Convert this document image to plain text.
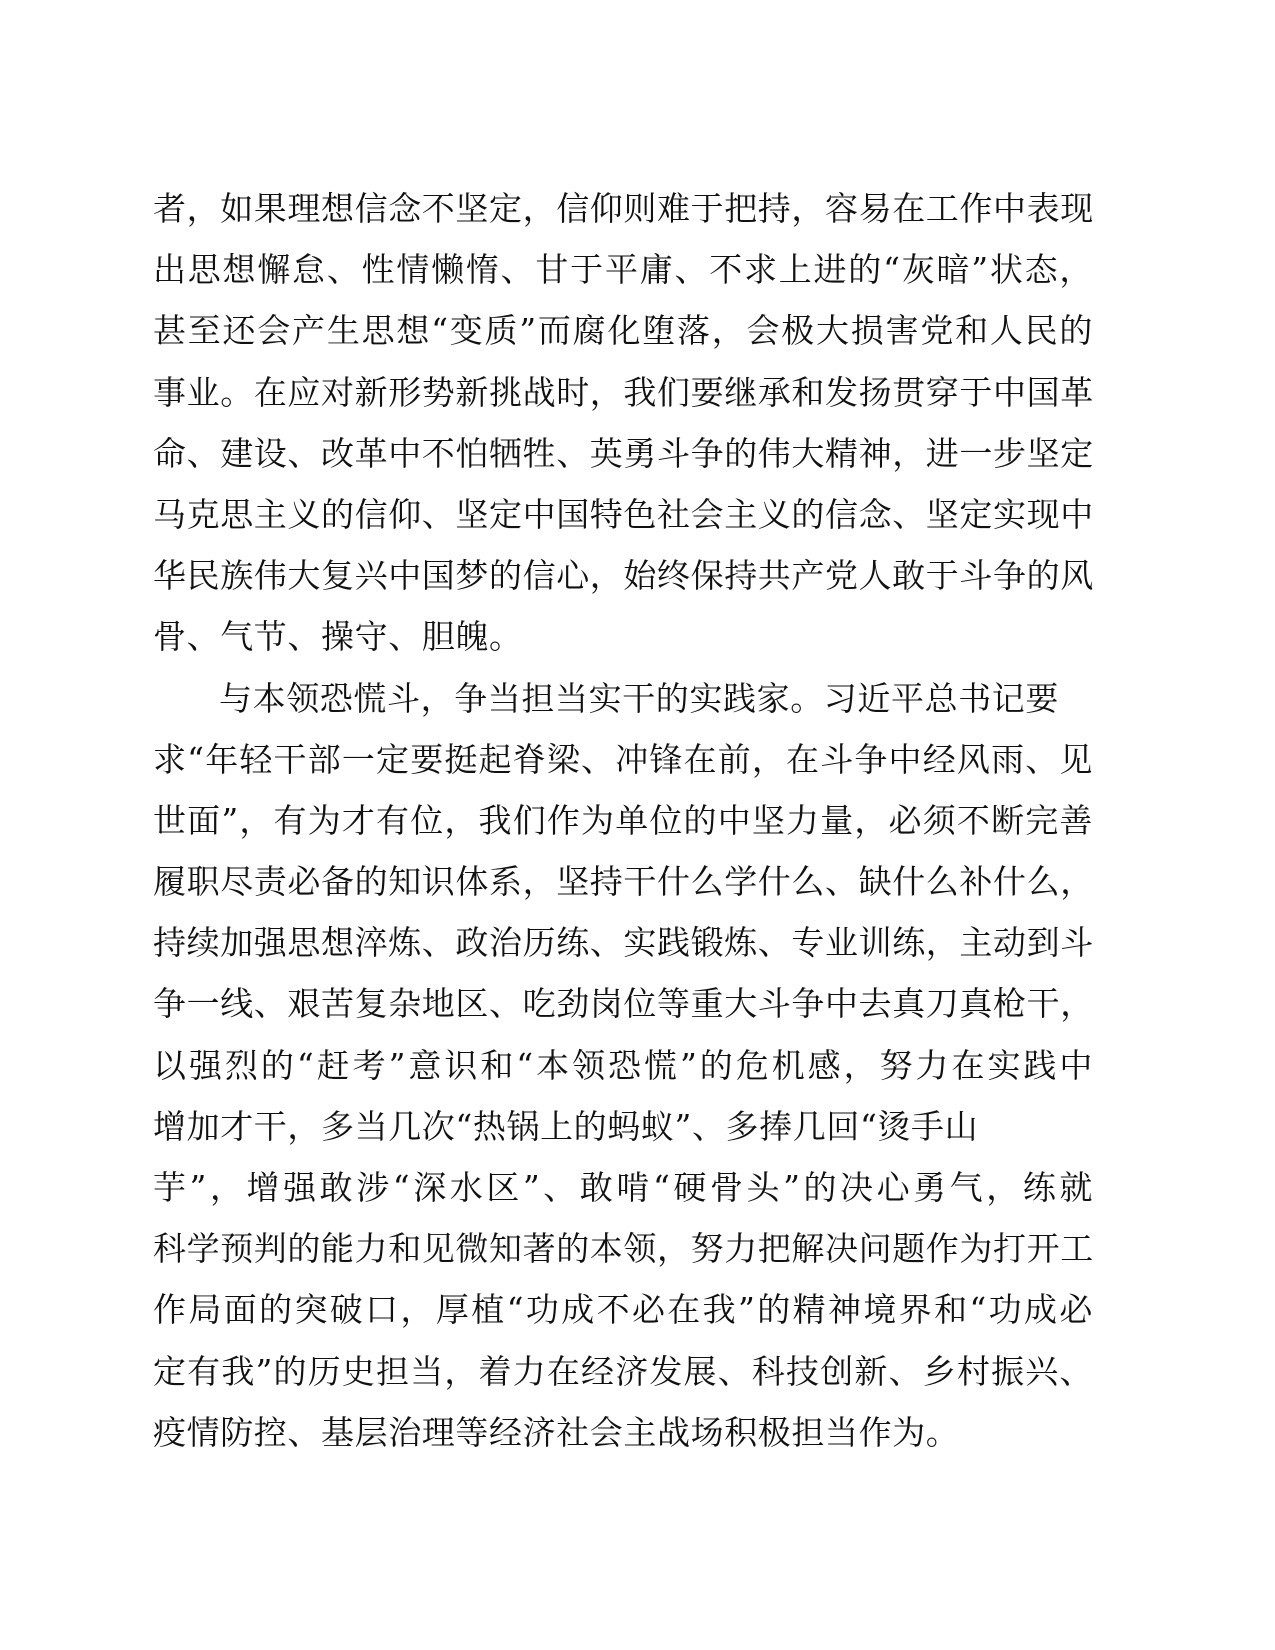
者，如果理想信念不坚定，信仰则难于把持，容易在工作中表现
出思想懈怠、性情懒惰、甘于平庸、不求上进的“灰暗”状态，
甚至还会产生思想“变质”而腐化堕落，会极大损害党和人民的
事业。在应对新形势新挑战时，我们要继承和发扬贯穿于中国革
命、建设、改革中不怕牺牲、英勇斗争的伟大精神，进一步坚定
马克思主义的信仰、坚定中国特色社会主义的信念、坚定实现中
华民族伟大复兴中国梦的信心，始终保持共产党人敢于斗争的风
骨、气节、操守、胆魄。
与本领恐慌斗，争当担当实干的实践家。习近平总书记要
求“年轻干部一定要挺起脊梁、冲锋在前，在斗争中经风雨、见
世面”，有为才有位，我们作为单位的中坚力量，必须不断完善
履职尽责必备的知识体系，坚持干什么学什么、缺什么补什么，
持续加强思想淬炼、政治历练、实践锻炼、专业训练，主动到斗
争一线、艰苦复杂地区、吃劲岗位等重大斗争中去真刀真枪干，
以强烈的“赶考”意识和“本领恐慌”的危机感，努力在实践中
增加才干，多当几次“热锅上的蚂蚁”、多捧几回“烫手山
芋”，增强敢涉“深水区”、敢啃“硬骨头”的决心勇气，练就
科学预判的能力和见微知著的本领，努力把解决问题作为打开工
作局面的突破口，厚植“功成不必在我”的精神境界和“功成必
定有我”的历史担当，着力在经济发展、科技创新、乡村振兴、
疫情防控、基层治理等经济社会主战场积极担当作为。
